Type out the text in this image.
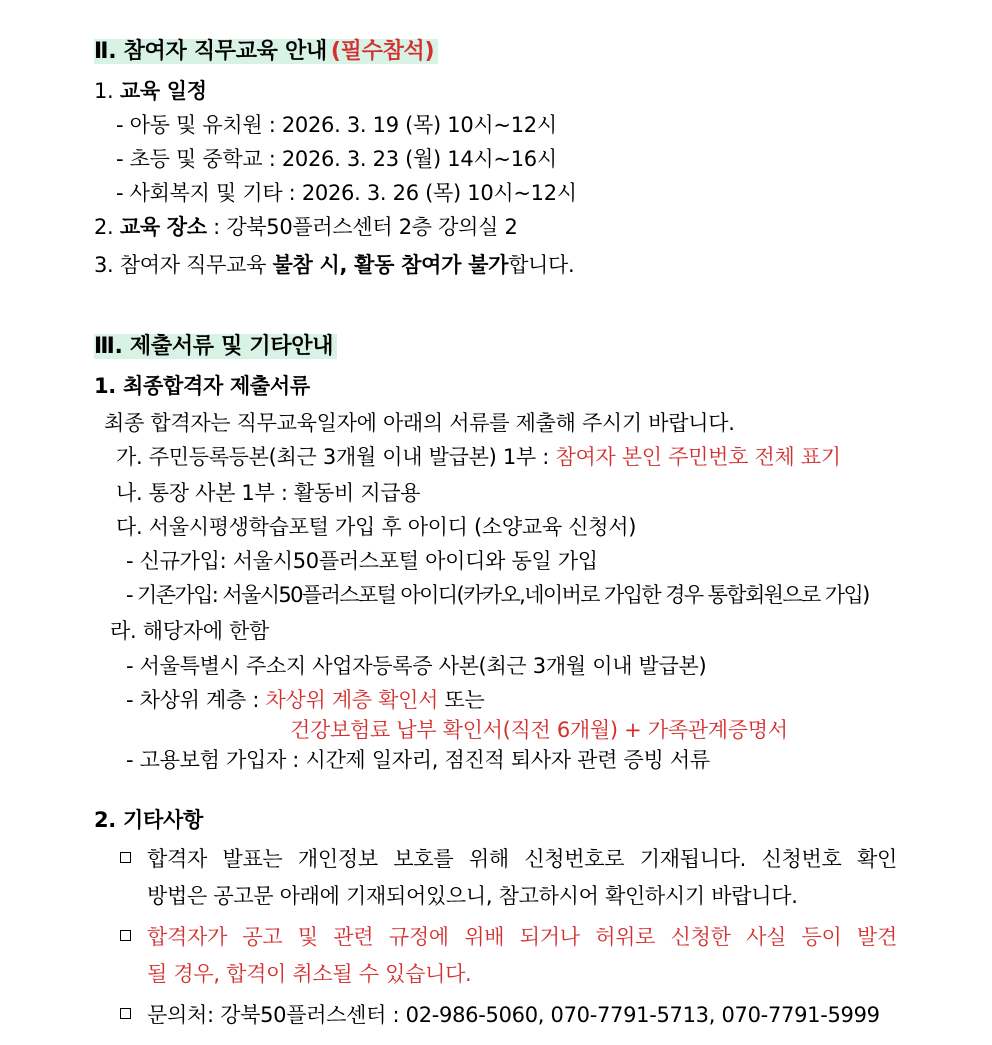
Ⅱ. 참여자 직무교육 안내 (필수참석)
1. 교육 일정
- 아동 및 유치원 : 2026. 3. 19 (목) 10시~12시
- 초등 및 중학교 : 2026. 3. 23 (월) 14시~16시
- 사회복지 및 기타 : 2026. 3. 26 (목) 10시~12시
2. 교육 장소 : 강북50플러스센터 2층 강의실 2
3. 참여자 직무교육 불참 시, 활동 참여가 불가합니다.
Ⅲ. 제출서류 및 기타안내
1. 최종합격자 제출서류
최종 합격자는 직무교육일자에 아래의 서류를 제출해 주시기 바랍니다.
가. 주민등록등본(최근 3개월 이내 발급본) 1부 : 참여자 본인 주민번호 전체 표기
나. 통장 사본 1부 : 활동비 지급용
다. 서울시평생학습포털 가입 후 아이디 (소양교육 신청서)
- 신규가입: 서울시50플러스포털 아이디와 동일 가입
- 기존가입: 서울시50플러스포털 아이디(카카오,네이버로 가입한 경우 통합회원으로 가입)
라. 해당자에 한함
- 서울특별시 주소지 사업자등록증 사본(최근 3개월 이내 발급본)
- 차상위 계층 : 차상위 계층 확인서 또는
건강보험료 납부 확인서(직전 6개월) + 가족관계증명서
- 고용보험 가입자 : 시간제 일자리, 점진적 퇴사자 관련 증빙 서류
2. 기타사항
합격자 발표는 개인정보 보호를 위해 신청번호로 기재됩니다. 신청번호 확인
방법은 공고문 아래에 기재되어있으니, 참고하시어 확인하시기 바랍니다.
합격자가 공고 및 관련 규정에 위배 되거나 허위로 신청한 사실 등이 발견
될 경우, 합격이 취소될 수 있습니다.
문의처: 강북50플러스센터 : 02-986-5060, 070-7791-5713, 070-7791-5999
